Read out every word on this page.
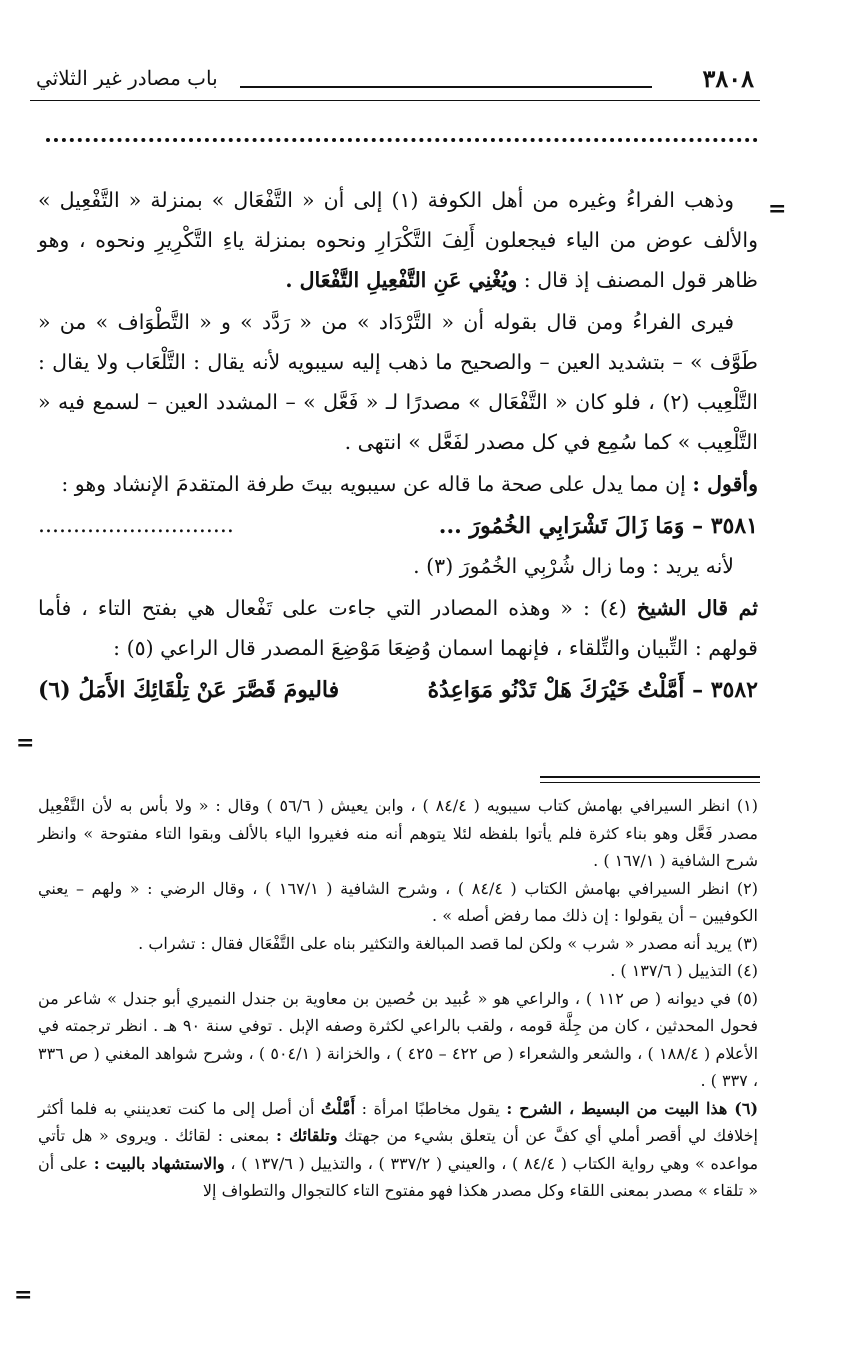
٣٨٠٨
باب مصادر غير الثلاثي
=

وذهب الفراءُ وغيره من أهل الكوفة (١) إلى أن « التَّفْعَال » بمنزلة « التَّفْعِيل » والألف عوض من الياء فيجعلون أَلِفَ التَّكْرَارِ ونحوه بمنزلة ياءِ التَّكْرِيرِ ونحوه ، وهو ظاهر قول المصنف إذ قال : ويُغْنِي عَنِ التَّفْعِيلِ التَّفْعَال .

فيرى الفراءُ ومن قال بقوله أن « التَّرْدَاد » من « رَدَّد » و « التَّطْوَاف » من « طَوَّف » – بتشديد العين – والصحيح ما ذهب إليه سيبويه لأنه يقال : التَّلْعَاب ولا يقال : التَّلْعِيب (٢) ، فلو كان « التَّفْعَال » مصدرًا لـ « فَعَّل » – المشدد العين – لسمع فيه « التَّلْعِيب » كما سُمِع في كل مصدر لفَعَّل » انتهى .

وأقول : إن مما يدل على صحة ما قاله عن سيبويه بيتَ طرفة المتقدمَ الإنشاد وهو :

٣٥٨١ – وَمَا زَالَ تَشْرَابِي الخُمُورَ ...
............................

لأنه يريد : وما زال شُرْبِي الخُمُورَ (٣) .

ثم قال الشيخ (٤) : « وهذه المصادر التي جاءت على تَفْعال هي بفتح التاء ، فأما قولهم : التِّبيان والتِّلقاء ، فإنهما اسمان وُضِعَا مَوْضِعَ المصدر قال الراعي (٥) :

٣٥٨٢ – أَمَّلْتُ خَيْرَكَ هَلْ تَدْنُو مَوَاعِدُهُ
فاليومَ قَصَّرَ عَنْ تِلْقَائِكَ الأَمَلُ (٦)
=

(١) انظر السيرافي بهامش كتاب سيبويه ( ٨٤/٤ ) ، وابن يعيش ( ٥٦/٦ ) وقال : « ولا بأس به لأن التَّفْعِيل مصدر فَعَّل وهو بناء كثرة فلم يأتوا بلفظه لئلا يتوهم أنه منه فغيروا الياء بالألف وبقوا التاء مفتوحة » وانظر شرح الشافية ( ١٦٧/١ ) .

(٢) انظر السيرافي بهامش الكتاب ( ٨٤/٤ ) ، وشرح الشافية ( ١٦٧/١ ) ، وقال الرضي : « ولهم – يعني الكوفيين – أن يقولوا : إن ذلك مما رفض أصله » .

(٣) يريد أنه مصدر « شرب » ولكن لما قصد المبالغة والتكثير بناه على التَّفْعَال فقال : تشراب .

(٤) التذييل ( ١٣٧/٦ ) .

(٥) في ديوانه ( ص ١١٢ ) ، والراعي هو « عُبيد بن حُصين بن معاوية بن جندل النميري أبو جندل » شاعر من فحول المحدثين ، كان من جِلَّة قومه ، ولقب بالراعي لكثرة وصفه الإبل . توفي سنة ٩٠ هـ . انظر ترجمته في الأعلام ( ١٨٨/٤ ) ، والشعر والشعراء ( ص ٤٢٢ – ٤٢٥ ) ، والخزانة ( ٥٠٤/١ ) ، وشرح شواهد المغني ( ص ٣٣٦ ، ٣٣٧ ) .

(٦) هذا البيت من البسيط ، الشرح : يقول مخاطبًا امرأة : أَمَّلْتُ أن أصل إلى ما كنت تعدينني به فلما أكثر إخلافك لي أقصر أملي أي كفَّ عن أن يتعلق بشيء من جهتك وتلقائك : بمعنى : لقائك . ويروى « هل تأتي مواعده » وهي رواية الكتاب ( ٨٤/٤ ) ، والعيني ( ٣٣٧/٢ ) ، والتذييل ( ١٣٧/٦ ) ، والاستشهاد بالبيت : على أن « تلقاء » مصدر بمعنى اللقاء وكل مصدر هكذا فهو مفتوح التاء كالتجوال والتطواف إلا

=
